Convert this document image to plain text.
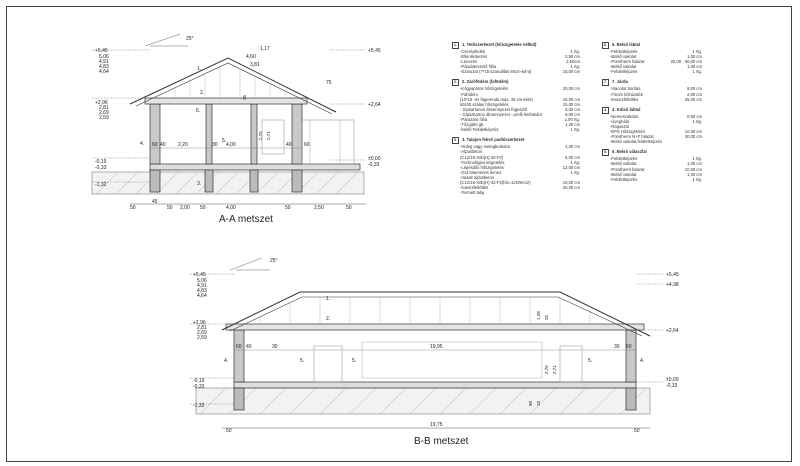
+5,45
5,06
4,91
4,83
4,64
+2,96
2,81
2,69
2,59
-0,19
-0,33
-1,32
+5,45
+2,64
±0,00
-0,33
25°
4,60
3,81
1,17
75
60 40 2,20	30	40 60
4,00
50
45
50 2,00 50	4,00	50	2,50	50
1.
2.
3.
4.	5.
6.
2,75 2,71
25
A-A metszet
+5,45
5,06
4,91
4,83
4,64
+2,96
2,81
2,69
2,59
-0,19
-0,33
-1,32
+5,45
+4,98
+2,64
±0,00
-0,33
25°
60 40	30	19,95	30 60
50
19,75
50
1.
2.
4.	5.	5.	5.	4.
2,75 2,71
90 15
1,28 25
B-B metszet
1.	1. Tetőszerkezet (hőszigetelés nélkül)
-Cserépfedés	1 rtg.
-Ellenléckezés	2,50 cm
-Lécezés	2,50cm
-Páraáteresztő fólia	1 rtg.
-Szaruzat (7*15 szaruállás 80cm-ként)	15,00 cm
2.	2. Zárófödém (fafödém)
-Kőgyapotos hőszigetelés	20,00 cm
-Fafödém
(10*15 -ös fagerenda max. 45 cm-ként)	15,00 cm
között szálas hőszigetelés	15,00 cm
- Sípkartonon álmennyezet fügesztő	5,00 cm
- Gipszkarton álmennyezet - profil lenfotsánt	6,00 cm
-Párazáró fólia	1,00 rtg.
-Tűzgátló gk.	1,25 cm
-belső Felületképzés	1 rtg.
3.	3. Talajon fekvő padlószerkezet
-Hideg vagy melegburkolat	2,00 cm
-Aljzatbeton
(C12/15-X0b(H)-32-F2)	5,00 cm
-Technológiai szigetelés	1 rtg.
-Lépésálló hőszigetelés	12,00 cm
-Gr4 bitumenes lemez	1 rtg.
-Vasalt aljzatbeton
(C12/15-X0b(H)-32-F2(fck=12N/mm2)	10,00 cm
-Kavicsfeltöltés	20,00 cm
-Termett talaj
6.	6. Belső lábtal
-Felületképzés	1 rtg.
-Belső vakolat	1,00 cm
-Porotherm falazat	25,00 - 30,00 cm
-Belső vakolat	1,00 cm
-Felületképzés	1 rtg.
7.	7. Járda
-Viacolor borítás	6,00 cm
-Finom kőzúzalék	2,00 cm
-Kavicsfeltöltés	25,00 cm
4.	4. Külső lábtal
-Nemesvakolat	0,50 cm
-Üvegháló	1 rtg.
-Ragasztó
-EPS Hőszigetelés	10,00 cm
-Porotherm N+F falazat	30,00 cm
-Belső vakolat,felületképzés
5.	5. Belső válaszfal
-Felületképzés	1 rtg.
-Belső vakolat	1,00 cm
-Porotherm falazat	10,00 cm
-Belső vakolat	1,00 cm
-Felületképzés	1 rtg.
